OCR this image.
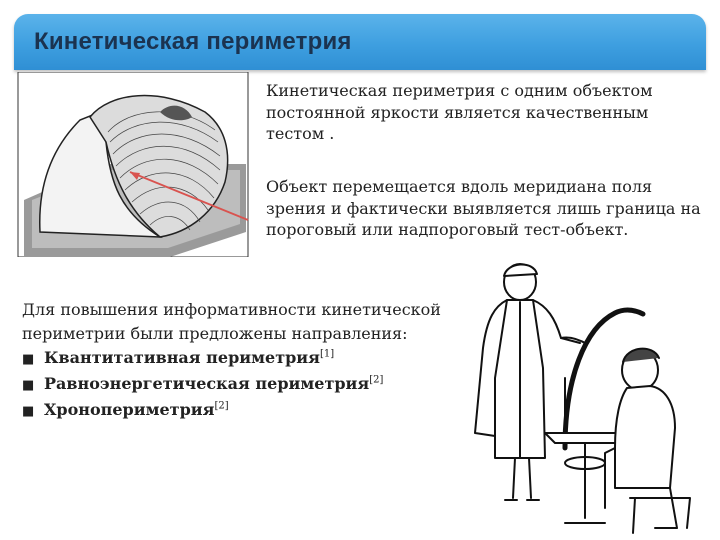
Кинетическая периметрия
Кинетическая периметрия с одним объектом постоянной яркости является качественным тестом .
Объект перемещается вдоль меридиана поля зрения и фактически выявляется лишь граница на пороговый или надпороговый тест-объект.
Для повышения информативности кинетической периметрии были предложены направления:
■ Квантитативная периметрия[1]
■ Равноэнергетическая периметрия[2]
■ Хронопериметрия[2]
